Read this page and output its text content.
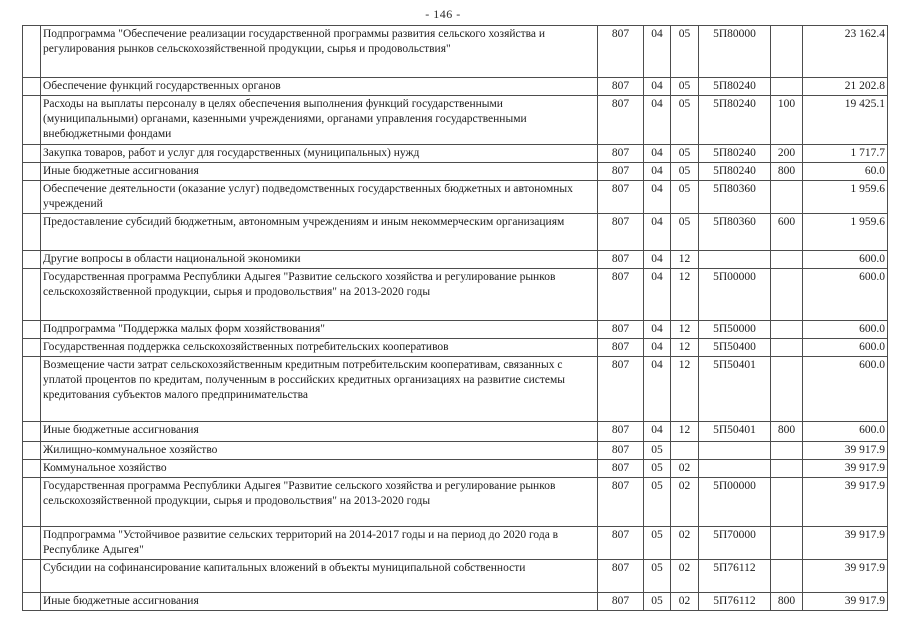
- 146 -
	Подпрограмма "Обеспечение реализации государственной программы развития сельского хозяйства и регулирования рынков сельскохозяйственной продукции, сырья и продовольствия"	807	04	05	5П80000		23 162.4
	Обеспечение функций государственных органов	807	04	05	5П80240		21 202.8
	Расходы на выплаты персоналу в целях обеспечения выполнения функций государственными (муниципальными) органами, казенными учреждениями, органами управления государственными внебюджетными фондами	807	04	05	5П80240	100	19 425.1
	Закупка товаров, работ и услуг для государственных (муниципальных) нужд	807	04	05	5П80240	200	1 717.7
	Иные бюджетные ассигнования	807	04	05	5П80240	800	60.0
	Обеспечение деятельности (оказание услуг) подведомственных государственных бюджетных и автономных учреждений	807	04	05	5П80360		1 959.6
	Предоставление субсидий бюджетным, автономным учреждениям и иным некоммерческим организациям	807	04	05	5П80360	600	1 959.6
	Другие вопросы в области национальной экономики	807	04	12			600.0
	Государственная программа Республики Адыгея "Развитие сельского хозяйства и регулирование рынков сельскохозяйственной продукции, сырья и продовольствия" на 2013-2020 годы	807	04	12	5П00000		600.0
	Подпрограмма "Поддержка малых форм хозяйствования"	807	04	12	5П50000		600.0
	Государственная поддержка сельскохозяйственных потребительских кооперативов	807	04	12	5П50400		600.0
	Возмещение части затрат сельскохозяйственным кредитным потребительским кооперативам, связанных с уплатой процентов по кредитам, полученным в российских кредитных организациях на развитие системы кредитования субъектов малого предпринимательства	807	04	12	5П50401		600.0
	Иные бюджетные ассигнования	807	04	12	5П50401	800	600.0
	Жилищно-коммунальное хозяйство	807	05				39 917.9
	Коммунальное хозяйство	807	05	02			39 917.9
	Государственная программа Республики Адыгея "Развитие сельского хозяйства и регулирование рынков сельскохозяйственной продукции, сырья и продовольствия" на 2013-2020 годы	807	05	02	5П00000		39 917.9
	Подпрограмма "Устойчивое развитие сельских территорий на 2014-2017 годы и на период до 2020 года в Республике Адыгея"	807	05	02	5П70000		39 917.9
	Субсидии на софинансирование капитальных вложений в объекты муниципальной собственности	807	05	02	5П76112		39 917.9
	Иные бюджетные ассигнования	807	05	02	5П76112	800	39 917.9
